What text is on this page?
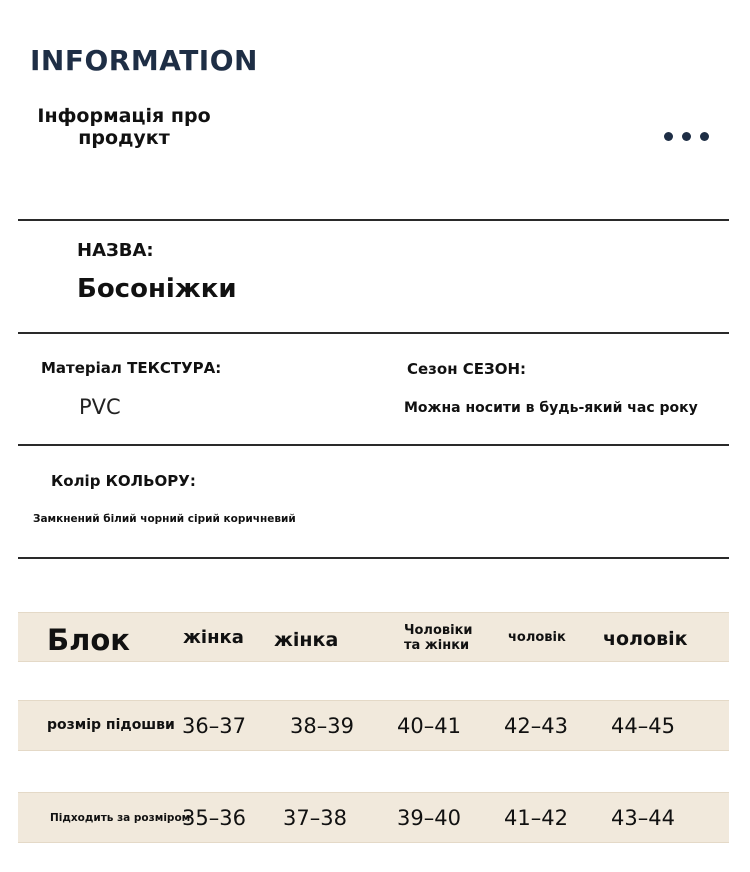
INFORMATION
Інформація про
продукт
НАЗВА:
Босоніжки
Матеріал ТЕКСТУРА:
PVC
Сезон СЕЗОН:
Можна носити в будь-який час року
Колір КОЛЬОРУ:
Замкнений білий чорний сірий коричневий
Блок	жінка жінка	Чоловіки
та жінки
чоловік чоловік
розмір підошви 36–37 38–39 40–41 42–43 44–45
Підходить за розміром
35–36 37–38 39–40 41–42 43–44
